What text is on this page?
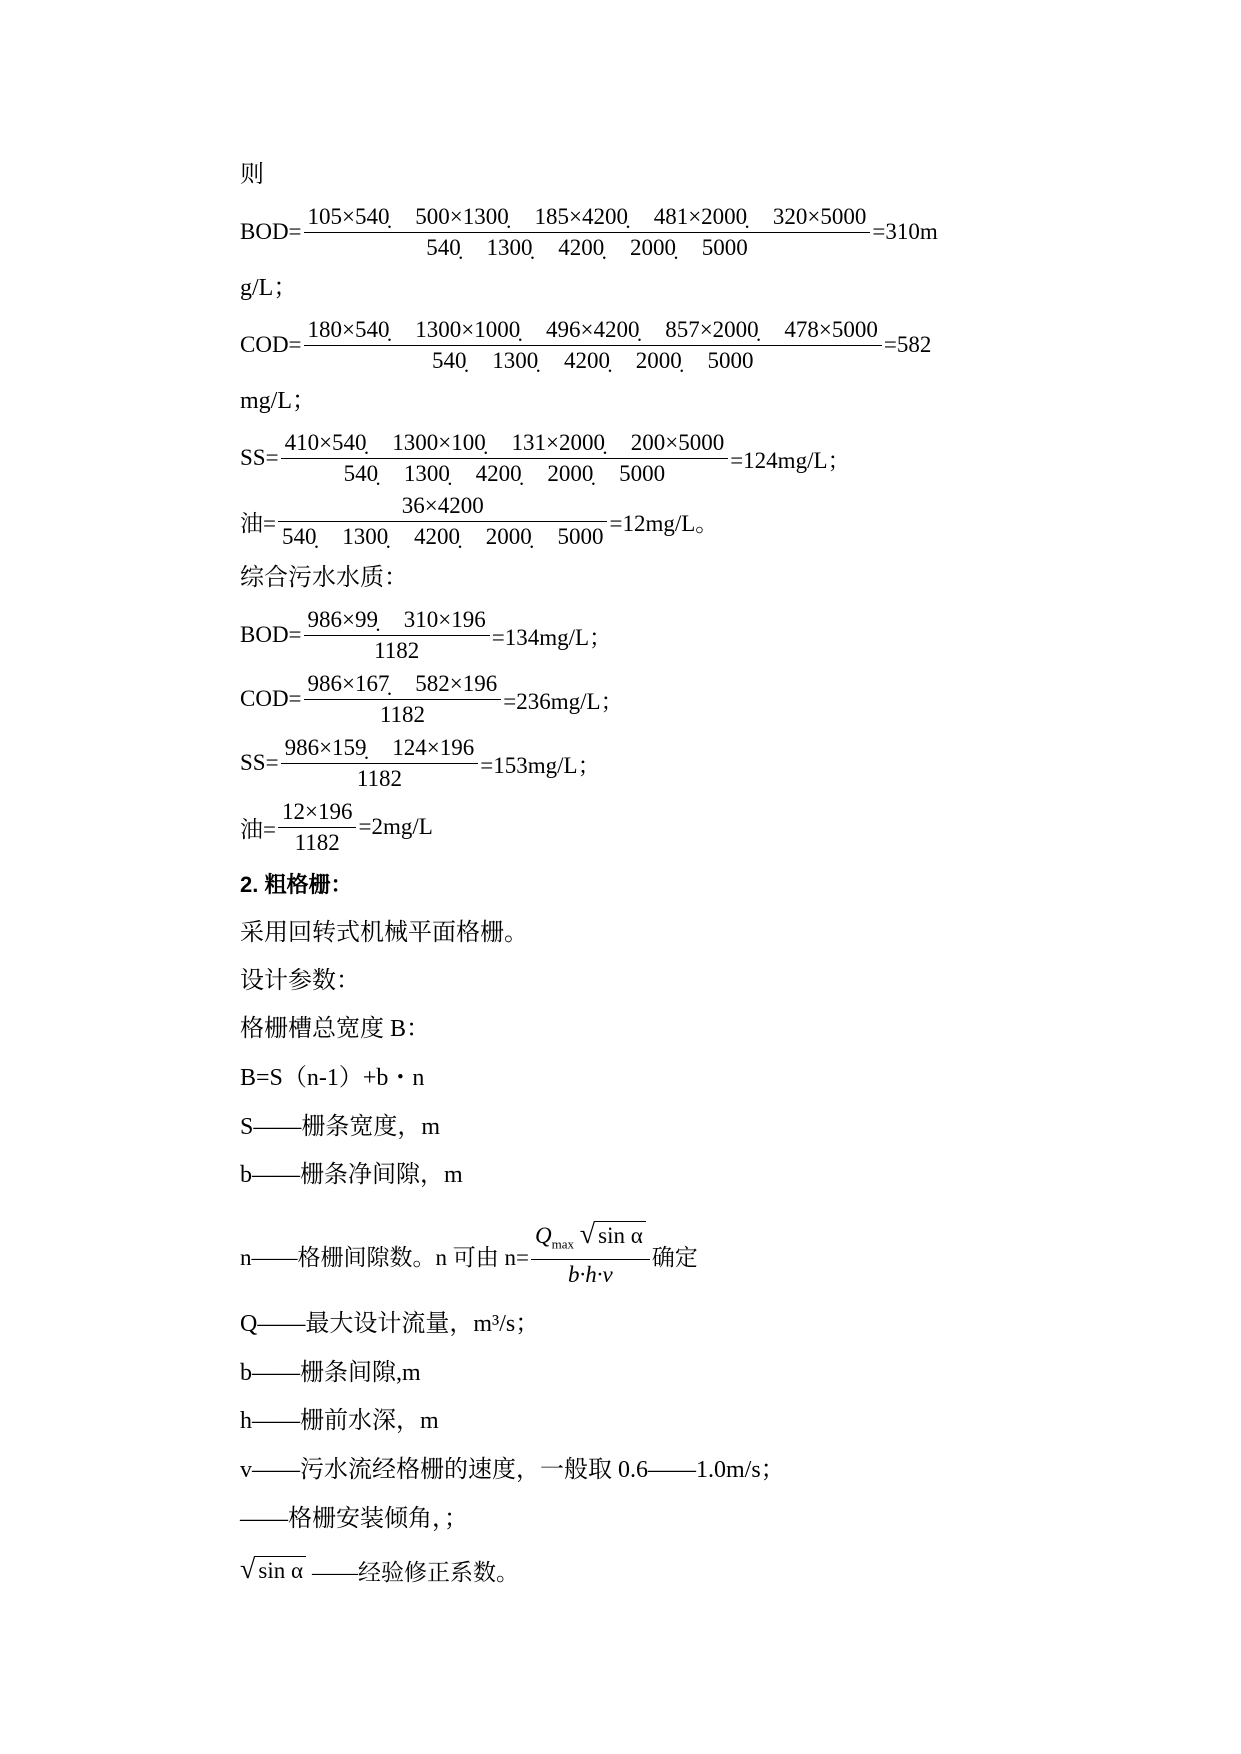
则
$BOD= \frac{105\times 540̣ 500\times 1300̣ 185\times 4200̣ 481\times 2000̣ 320\times 5000}{540̣ 1300̣ 4200̣ 2000̣ 5000} =310m$
g/L；
$COD= \frac{180\times 540̣ 1300\times 1000̣ 496\times 4200̣ 857\times 2000̣ 478\times 5000}{540̣ 1300̣ 4200̣ 2000̣ 5000} =582$
mg/L；
$SS= \frac{410\times 540̣ 1300\times 100̣ 131\times 2000̣ 200\times 5000}{540̣ 1300̣ 4200̣ 2000̣ 5000} =124mg/L$；
油= $\frac{36\times 4200}{540̣ 1300̣ 4200̣ 2000̣ 5000} =12mg/L$。
综合污水水质：
$BOD= \frac{986\times 99̣ 310\times 196}{1182} =134mg/L$；
$COD= \frac{986\times 167̣ 582\times 196}{1182} =236mg/L$；
$SS= \frac{986\times 159̣ 124\times 196}{1182} =153mg/L$；
油= $\frac{12\times 196}{1182} =2mg/L$
2. 粗格栅：
采用回转式机械平面格栅。
设计参数：
格栅槽总宽度 B：
B=S（n-1）+b・n
S——栅条宽度，m
b——栅条净间隙，m
n——格栅间隙数。n 可由 $n= \frac{Q_{max} √ \sin \alpha}{b\cdot h\cdot v}$ 确定
Q——最大设计流量，m³/s；
b——栅条间隙,m
h——栅前水深，m
v——污水流经格栅的速度，一般取 0.6——1.0m/s；
——格栅安装倾角，；
√ sin α ——经验修正系数。
